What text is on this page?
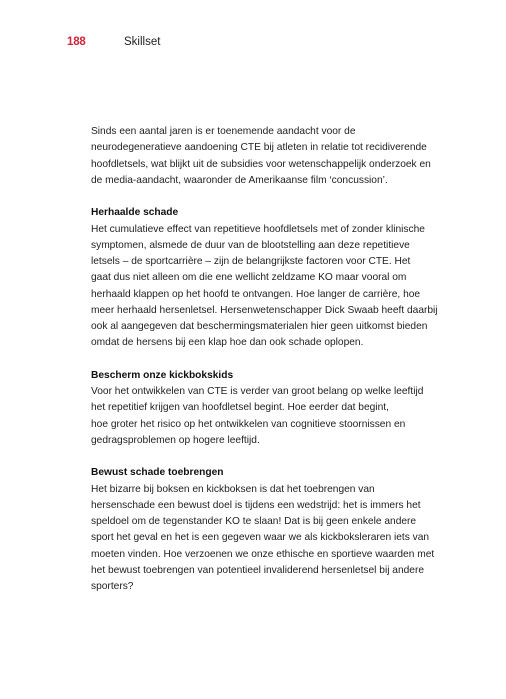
188	Skillset

Sinds een aantal jaren is er toenemende aandacht voor de
neurodegeneratieve aandoening CTE bij atleten in relatie tot recidiverende
hoofdletsels, wat blijkt uit de subsidies voor wetenschappelijk onderzoek en
de media-aandacht, waaronder de Amerikaanse film ‘concussion’.

Herhaalde schade

Het cumulatieve effect van repetitieve hoofdletsels met of zonder klinische
symptomen, alsmede de duur van de blootstelling aan deze repetitieve
letsels – de sportcarrière – zijn de belangrijkste factoren voor CTE. Het
gaat dus niet alleen om die ene wellicht zeldzame KO maar vooral om
herhaald klappen op het hoofd te ontvangen. Hoe langer de carrière, hoe
meer herhaald hersenletsel. Hersenwetenschapper Dick Swaab heeft daarbij
ook al aangegeven dat beschermingsmaterialen hier geen uitkomst bieden
omdat de hersens bij een klap hoe dan ook schade oplopen.

Bescherm onze kickbokskids

Voor het ontwikkelen van CTE is verder van groot belang op welke leeftijd
het repetitief krijgen van hoofdletsel begint. Hoe eerder dat begint,
hoe groter het risico op het ontwikkelen van cognitieve stoornissen en
gedragsproblemen op hogere leeftijd.

Bewust schade toebrengen

Het bizarre bij boksen en kickboksen is dat het toebrengen van
hersenschade een bewust doel is tijdens een wedstrijd: het is immers het
speldoel om de tegenstander KO te slaan! Dat is bij geen enkele andere
sport het geval en het is een gegeven waar we als kickboksleraren iets van
moeten vinden. Hoe verzoenen we onze ethische en sportieve waarden met
het bewust toebrengen van potentieel invaliderend hersenletsel bij andere
sporters?
